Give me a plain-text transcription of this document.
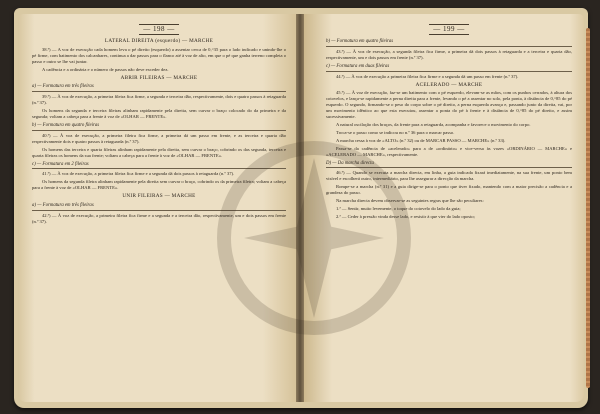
— 198 —
LATERAL DIREITA (esquerdo) — MARCHE

38.ª) — A voz de execução cada homem leva o pé direito (esquerdo) a assentar cerca de 0,“35 para o lado indicado e unindo-lhe o pé firme, com batimento dos calcanhares, continua a dar passos para o flanco até à voz de alto, em que o pé que ganha terreno completa o passo e outro se lhe vai juntar.

A cadência e a ordinária e o número de passos não deve exceder dez.

ABRIR FILEIRAS — MARCHE
a) — Formatura em três fileiras

39.ª) — À voz de execução, a primeira fileira fica firme, a segunda e terceira dão, respectivamente, dois e quatro passos à retaguarda (n.º 37).

Os homens da segunda e terceira fileiras alinham rapidamente pela direita, sem curvar o braço colocado do da primeira e da segunda; voltam a cabeça para a frente à voz de «OLHAR — FRENTE».

b) — Formatura em quatro fileiras

40.ª) — À voz de execução, a primeira fileira fica firme, a primeira dá um passo em frente, e as terceira e quarta dão respectivamente dois e quatro passos à retaguarda (n.º 37).

Os homens das terceira e quarta fileiras alinham rapidamente pela direita, sem curvar o braço, cobrindo os das segunda, terceira e quarta fileiras os homens da sua frente; voltam a cabeça para a frente à voz de «OLHAR — FRENTE».

c) — Formatura em 2 fileiras

41.ª) — À voz de execução, a primeira fileira fica firme e a segunda dá dois passos à retaguarda (n.º 37).

Os homens da segunda fileira alinham rapidamente pela direita sem curvar o braço, cobrindo os da primeira fileira; voltam a cabeça para a frente à voz de «OLHAR — FRENTE».

UNIR FILEIRAS — MARCHE
a) — Formatura em três fileiras

42.ª) — À voz de execução, a primeira fileira fica firme e a segunda e a terceira dão, respectivamente, um e dois passos em frente (n.º 37).

— 199 —
b) — Formatura em quatro fileiras

43.ª) — À voz de execução, a segunda fileira fica firme, a primeira dá dois passos à retaguarda e a terceira e quarta dão, respectivamente, um e dois passos em frente (n.º 37).

c) — Formatura em duas fileiras

44.ª) — À voz de execução a primeira fileira fica firme e a segunda dá um passo em frente (n.º 37).

ACELERADO — MARCHE

45.ª) — À voz de execução, faz-se um batimento com o pé esquerdo, elevam-se as mãos, com os punhos cerrados, à altura dos cotovelos, e lança-se rapidamente a perna direita para a frente, levando o pé a assentar no solo, pela ponta, à distância de 0,“85 do pé esquerdo. O segundo, firmando-se o peso do corpo sobre o pé direito, a perna esquerda avança e, passando junto da direita, vai, por um movimento idêntico ao que esta executou, assentar a ponta do pé à frente e à distância de 0,“85 do pé direito, e assim sucessivamente.

A natural oscilação dos braços, da frente para a retaguarda, acompanha e favorece o movimento do corpo.

Troca-se o passo como se indicou no n.º 36 para o marcar passo.

A marcha cessa à voz de «ALTO» (n.º 32) ou de MARCAR PASSO — MARCHE» (n.º 33).

Passa-se da cadência de «acelerado» para a de «ordinário» e vice-versa às vozes «ORDINÁRIO — MARCHE» e «ACELERADO — MARCHE», respectivamente.

D) — Da marcha directa

46.ª) — Quando se executa a marcha directa, em linha, a guia indicada fixará imediatamente, na sua frente, um ponto bem visível e escolherá outro, intermediário, para lhe assegurar a direcção da marcha.

Rompe-se a marcha (n.º 31) e a guia dirige-se para o ponto que tiver fixado, mantendo com a maior precisão a cadência e a grandeza do passo.

Na marcha directa devem observar-se as seguintes regras que lhe são peculiares:

1.ª — Sentir, muito levemente, o toque do cotovelo do lado da guia;

2.ª — Ceder à pressão vinda desse lado, e resistir à que vier do lado oposto;
